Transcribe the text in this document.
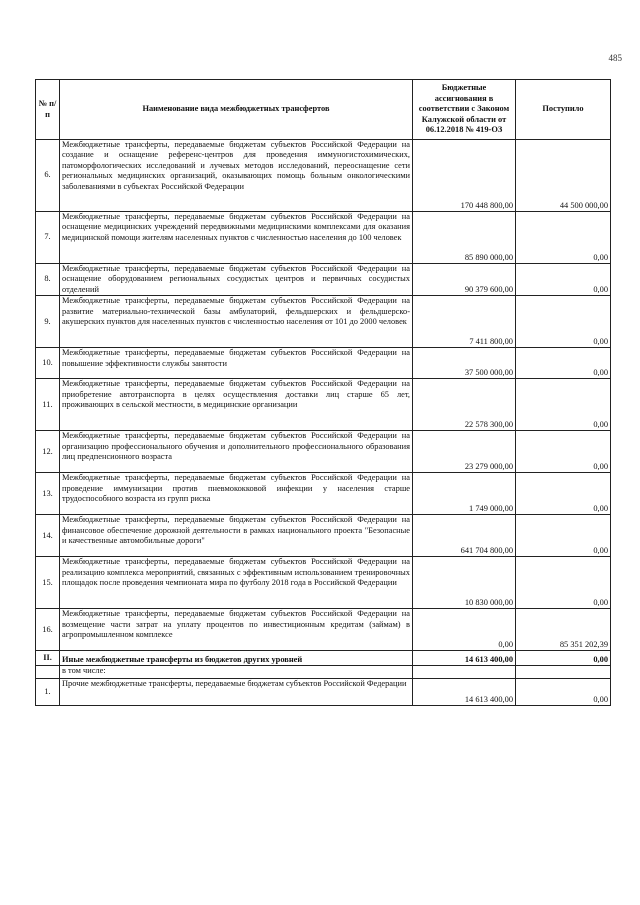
485
№ п/п	Наименование вида межбюджетных трансфертов	Бюджетные ассигнования в соответствии с Законом Калужской области от 06.12.2018 № 419-ОЗ	Поступило
6.	Межбюджетные трансферты, передаваемые бюджетам субъектов Российской Федерации на создание и оснащение референс-центров для проведения иммуногистохимических, патоморфологических исследований и лучевых методов исследований, переоснащение сети региональных медицинских организаций, оказывающих помощь больным онкологическими заболеваниями в субъектах Российской Федерации	170 448 800,00	44 500 000,00
7.	Межбюджетные трансферты, передаваемые бюджетам субъектов Российской Федерации на оснащение медицинских учреждений передвижными медицинскими комплексами для оказания медицинской помощи жителям населенных пунктов с численностью населения до 100 человек	85 890 000,00	0,00
8.	Межбюджетные трансферты, передаваемые бюджетам субъектов Российской Федерации на оснащение оборудованием региональных сосудистых центров и первичных сосудистых отделений	90 379 600,00	0,00
9.	Межбюджетные трансферты, передаваемые бюджетам субъектов Российской Федерации на развитие материально-технической базы амбулаторий, фельдшерских и фельдшерско-акушерских пунктов для населенных пунктов с численностью населения от 101 до 2000 человек	7 411 800,00	0,00
10.	Межбюджетные трансферты, передаваемые бюджетам субъектов Российской Федерации на повышение эффективности службы занятости	37 500 000,00	0,00
11.	Межбюджетные трансферты, передаваемые бюджетам субъектов Российской Федерации на приобретение автотранспорта в целях осуществления доставки лиц старше 65 лет, проживающих в сельской местности, в медицинские организации	22 578 300,00	0,00
12.	Межбюджетные трансферты, передаваемые бюджетам субъектов Российской Федерации на организацию профессионального обучения и дополнительного профессионального образования лиц предпенсионного возраста	23 279 000,00	0,00
13.	Межбюджетные трансферты, передаваемые бюджетам субъектов Российской Федерации на проведение иммунизации против пневмококковой инфекции у населения старше трудоспособного возраста из групп риска	1 749 000,00	0,00
14.	Межбюджетные трансферты, передаваемые бюджетам субъектов Российской Федерации на финансовое обеспечение дорожной деятельности в рамках национального проекта "Безопасные и качественные автомобильные дороги"	641 704 800,00	0,00
15.	Межбюджетные трансферты, передаваемые бюджетам субъектов Российской Федерации на реализацию комплекса мероприятий, связанных с эффективным использованием тренировочных площадок после проведения чемпионата мира по футболу 2018 года в Российской Федерации	10 830 000,00	0,00
16.	Межбюджетные трансферты, передаваемые бюджетам субъектов Российской Федерации на возмещение части затрат на уплату процентов по инвестиционным кредитам (займам) в агропромышленном комплексе	0,00	85 351 202,39
II.	Иные межбюджетные трансферты из бюджетов других уровней	14 613 400,00	0,00
	в том числе:		
1.	Прочие межбюджетные трансферты, передаваемые бюджетам субъектов Российской Федерации	14 613 400,00	0,00
